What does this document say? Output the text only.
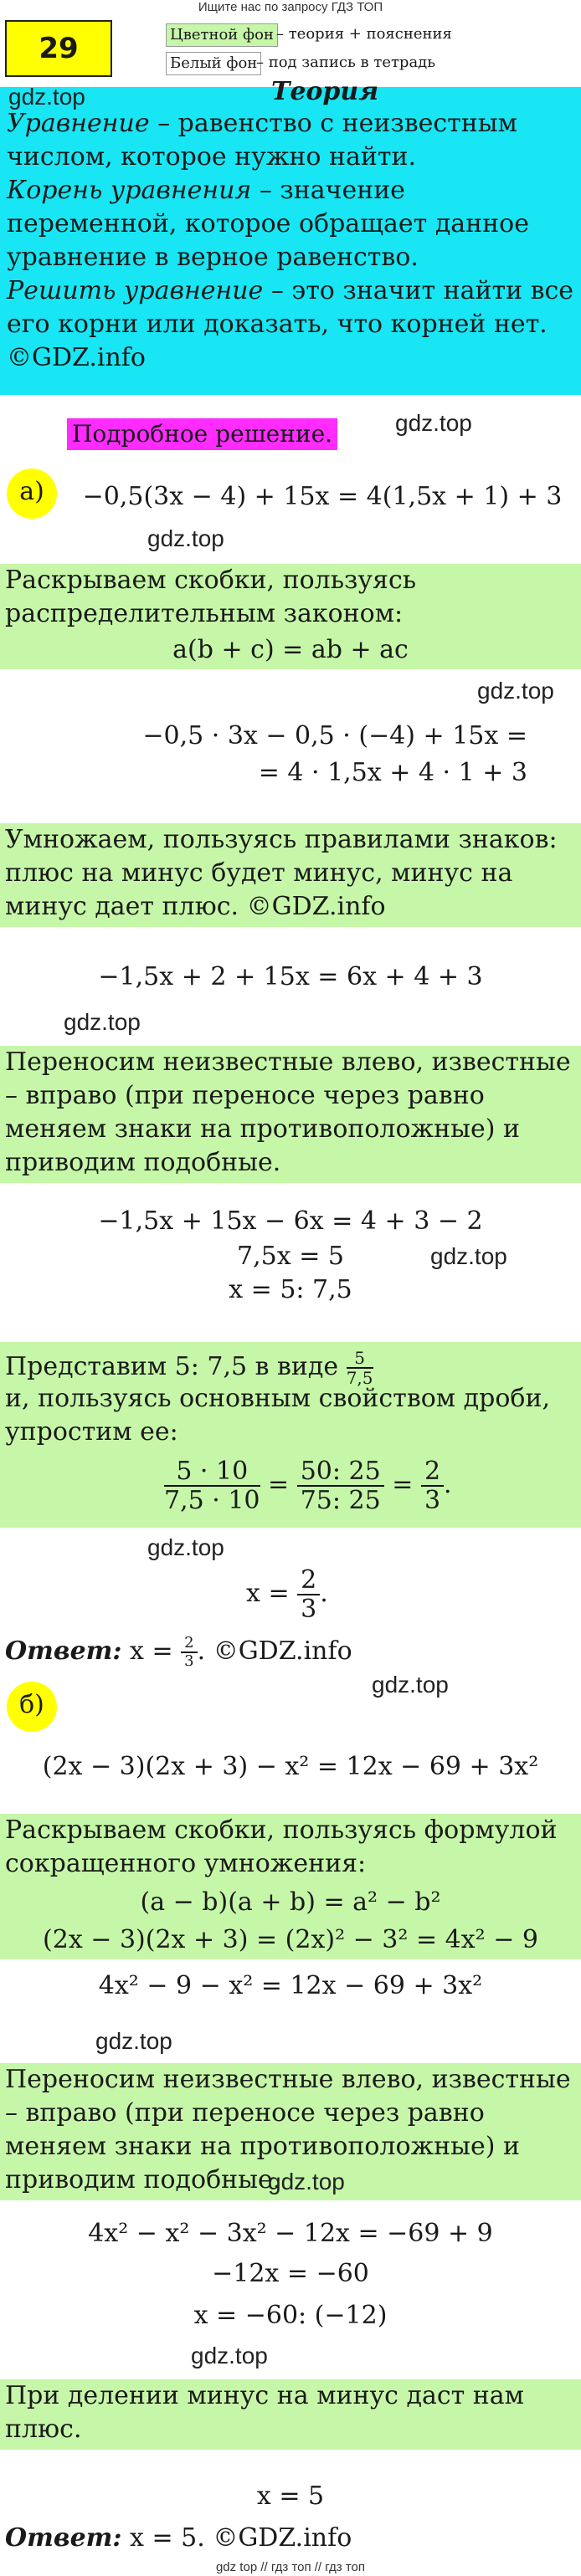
Ищите нас по запросу ГДЗ ТОП
29	Цветной фон – теория + пояснения
Белый фон
– под запись в тетрадь

Уравнение – равенство с неизвестным числом, которое нужно найти.

Корень уравнения – значение переменной, которое обращает данное уравнение в верное равенство.

Решить уравнение – это значит найти все его корни или доказать, что корней нет. ©GDZ.info

Теория
gdz.top
Подробное решение.	gdz.top
а)	−0,5(3x − 4) + 15x = 4(1,5x + 1) + 3
gdz.top
Раскрываем скобки, пользуясь распределительным законом:
a(b + c) = ab + ac
gdz.top
−0,5 · 3x − 0,5 · (−4) + 15x =
= 4 · 1,5x + 4 · 1 + 3
Умножаем, пользуясь правилами знаков: плюс на минус будет минус, минус на минус дает плюс. ©GDZ.info
−1,5x + 2 + 15x = 6x + 4 + 3
gdz.top
Переносим неизвестные влево, известные – вправо (при переносе через равно меняем знаки на противоположные) и приводим подобные.
−1,5x + 15x − 6x = 4 + 3 − 2
7,5x = 5
x = 5: 7,5
gdz.top
Представим 5: 7,5 в виде $\frac{5}{7,5}$
и, пользуясь основным свойством дроби, упростим ее:
$\frac{5 \cdot 10}{7,5 \cdot 10} = \frac{50: 25}{75: 25} = \frac{2}{3}$ .
gdz.top
$x = \frac{2}{3}$ .
Ответ: $x = \frac{2}{3}$ . ©GDZ.info
gdz.top
б)
(2x − 3)(2x + 3) − x² = 12x − 69 + 3x²
Раскрываем скобки, пользуясь формулой сокращенного умножения:
(a − b)(a + b) = a² − b²
(2x − 3)(2x + 3) = (2x)² − 3² = 4x² − 9
4x² − 9 − x² = 12x − 69 + 3x²
gdz.top
Переносим неизвестные влево, известные – вправо (при переносе через равно меняем знаки на противоположные) и приводим подобные.
gdz.top
4x² − x² − 3x² − 12x = −69 + 9
−12x = −60
x = −60: (−12)
gdz.top
При делении минус на минус даст нам плюс.
x = 5
Ответ: x = 5. ©GDZ.info
gdz top // гдз топ // гдз топ
